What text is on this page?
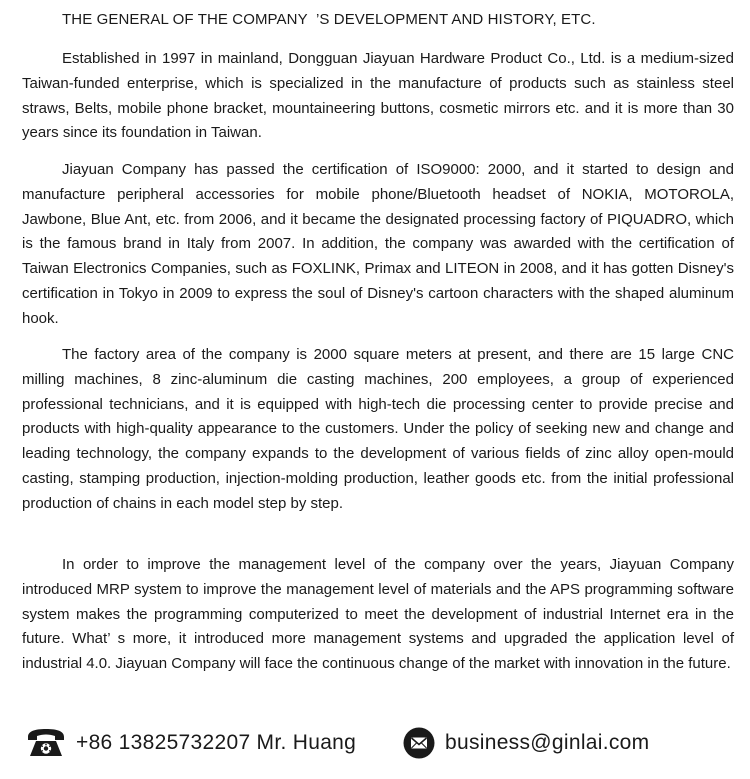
THE GENERAL OF THE COMPANY  ’S DEVELOPMENT AND HISTORY, ETC.

Established in 1997 in mainland, Dongguan Jiayuan Hardware Product Co., Ltd. is a medium-sized Taiwan-funded enterprise, which is specialized in the manufacture of products such as stainless steel straws, Belts, mobile phone bracket, mountaineering buttons, cosmetic mirrors etc. and it is more than 30 years since its foundation in Taiwan.

Jiayuan Company has passed the certification of ISO9000: 2000, and it started to design and manufacture peripheral accessories for mobile phone/Bluetooth headset of NOKIA, MOTOROLA, Jawbone, Blue Ant, etc. from 2006, and it became the designated processing factory of PIQUADRO, which is the famous brand in Italy from 2007. In addition, the company was awarded with the certification of Taiwan Electronics Companies, such as FOXLINK, Primax and LITEON in 2008, and it has gotten Disney's certification in Tokyo in 2009 to express the soul of Disney's cartoon characters with the shaped aluminum hook.

The factory area of the company is 2000 square meters at present, and there are 15 large CNC milling machines, 8 zinc-aluminum die casting machines, 200 employees, a group of experienced professional technicians, and it is equipped with high-tech die processing center to provide precise and products with high-quality appearance to the customers. Under the policy of seeking new and change and leading technology, the company expands to the development of various fields of zinc alloy open-mould casting, stamping production, injection-molding production, leather goods etc. from the initial professional production of chains in each model step by step.

In order to improve the management level of the company over the years, Jiayuan Company introduced MRP system to improve the management level of materials and the APS programming software system makes the programming computerized to meet the development of industrial Internet era in the future. What’ s more, it introduced more management systems and upgraded the application level of industrial 4.0. Jiayuan Company will face the continuous change of the market with innovation in the future.

+86 13825732207 Mr. Huang	business@ginlai.com
